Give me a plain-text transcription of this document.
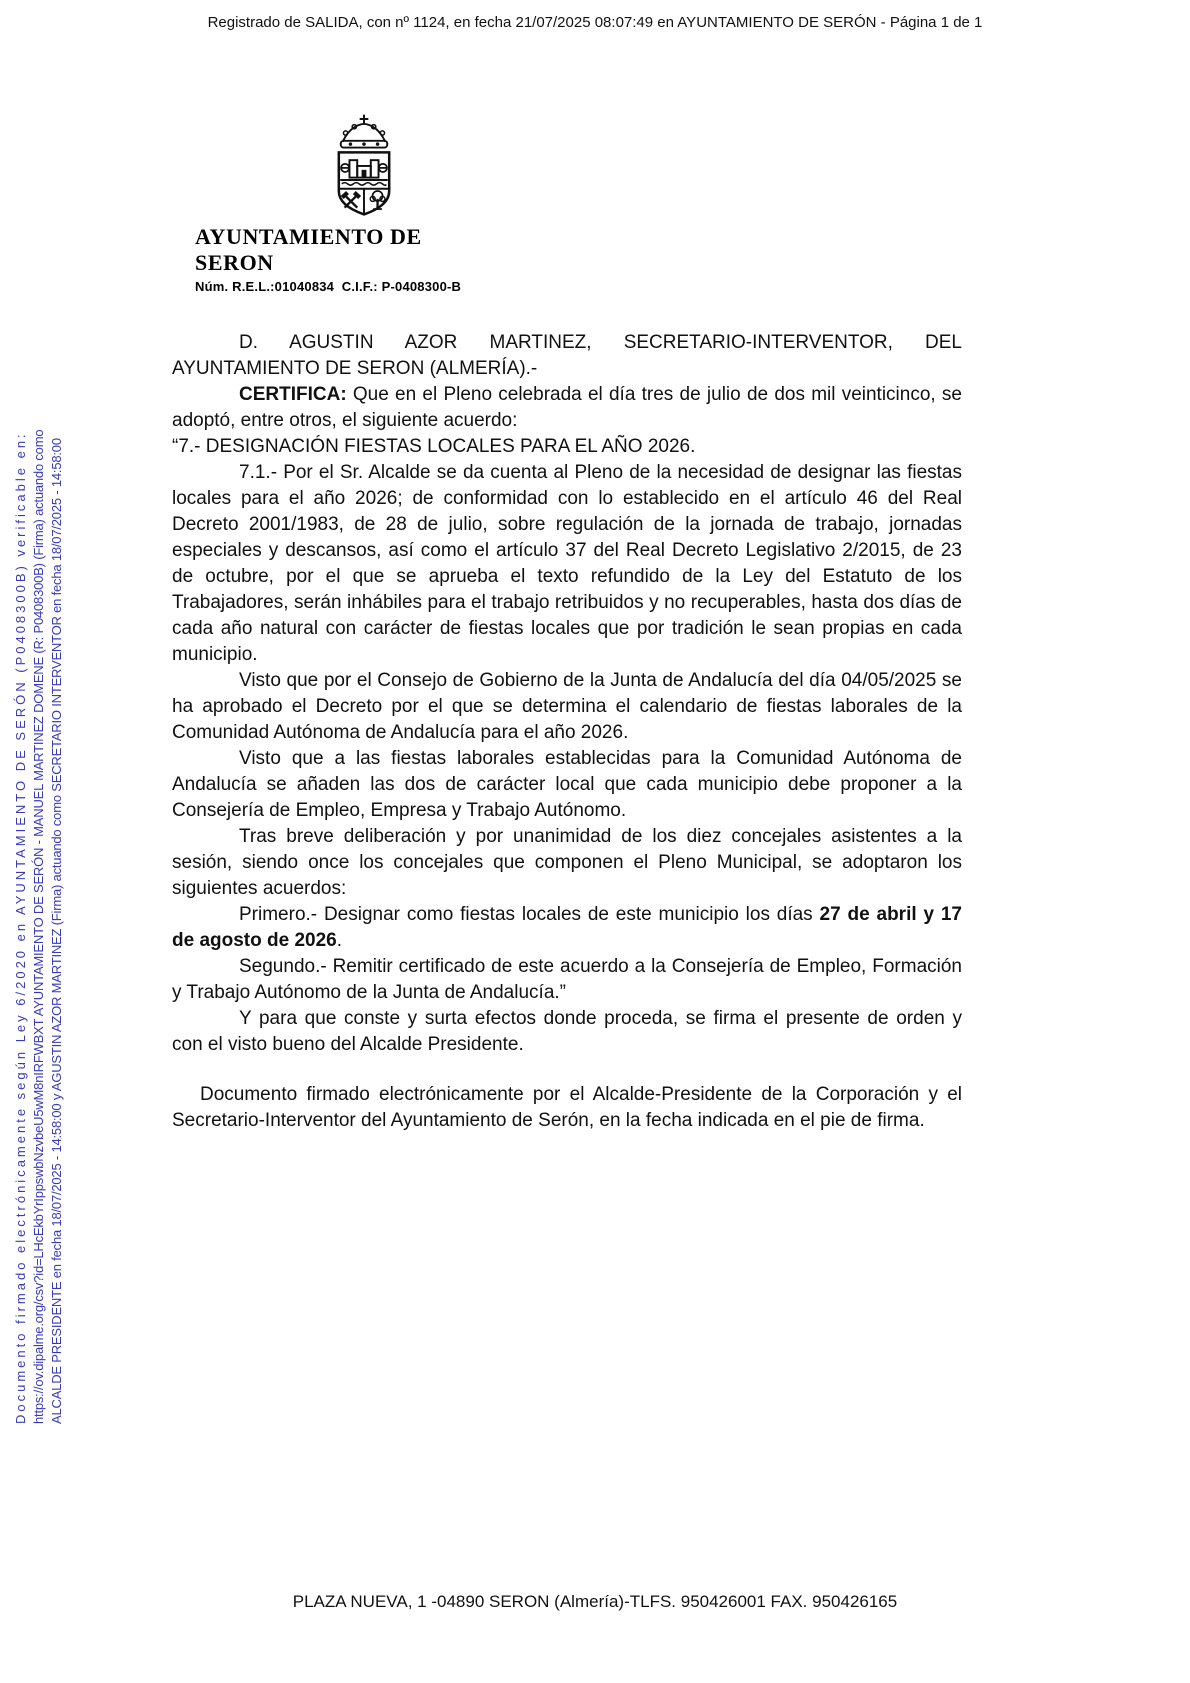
Registrado de SALIDA, con nº 1124, en fecha 21/07/2025 08:07:49 en AYUNTAMIENTO DE SERÓN - Página 1 de 1
Documento firmado electrónicamente según Ley 6/2020 en AYUNTAMIENTO DE SERÓN (P0408300B) verificable en: https://ov.dipalme.org/csv?id=LHcEkbYrIppswbNzvbeU5wM8nIRFWBXT AYUNTAMIENTO DE SERÓN - MANUEL MARTINEZ DOMENE (R: P0408300B) (Firma) actuando como ALCALDE PRESIDENTE en fecha 18/07/2025 - 14:58:00 y AGUSTIN AZOR MARTINEZ (Firma) actuando como SECRETARIO INTERVENTOR en fecha 18/07/2025 - 14:58:00
AYUNTAMIENTO DE SERON
Núm. R.E.L.:01040834  C.I.F.: P-0408300-B

D. AGUSTIN AZOR MARTINEZ, SECRETARIO-INTERVENTOR, DEL AYUNTAMIENTO DE SERON (ALMERÍA).-

CERTIFICA: Que en el Pleno celebrada el día tres de julio de dos mil veinticinco, se adoptó, entre otros, el siguiente acuerdo:

“7.- DESIGNACIÓN FIESTAS LOCALES PARA EL AÑO 2026.

7.1.- Por el Sr. Alcalde se da cuenta al Pleno de la necesidad de designar las fiestas locales para el año 2026; de conformidad con lo establecido en el artículo 46 del Real Decreto 2001/1983, de 28 de julio, sobre regulación de la jornada de trabajo, jornadas especiales y descansos, así como el artículo 37 del Real Decreto Legislativo 2/2015, de 23 de octubre, por el que se aprueba el texto refundido de la Ley del Estatuto de los Trabajadores, serán inhábiles para el trabajo retribuidos y no recuperables, hasta dos días de cada año natural con carácter de fiestas locales que por tradición le sean propias en cada municipio.

Visto que por el Consejo de Gobierno de la Junta de Andalucía del día 04/05/2025 se ha aprobado el Decreto por el que se determina el calendario de fiestas laborales de la Comunidad Autónoma de Andalucía para el año 2026.

Visto que a las fiestas laborales establecidas para la Comunidad Autónoma de Andalucía se añaden las dos de carácter local que cada municipio debe proponer a la Consejería de Empleo, Empresa y Trabajo Autónomo.

Tras breve deliberación y por unanimidad de los diez concejales asistentes a la sesión, siendo once los concejales que componen el Pleno Municipal, se adoptaron los siguientes acuerdos:

Primero.- Designar como fiestas locales de este municipio los días 27 de abril y 17 de agosto de 2026.

Segundo.- Remitir certificado de este acuerdo a la Consejería de Empleo, Formación y Trabajo Autónomo de la Junta de Andalucía.”

Y para que conste y surta efectos donde proceda, se firma el presente de orden y con el visto bueno del Alcalde Presidente.

Documento firmado electrónicamente por el Alcalde-Presidente de la Corporación y el Secretario-Interventor del Ayuntamiento de Serón, en la fecha indicada en el pie de firma.

PLAZA NUEVA, 1 -04890 SERON (Almería)-TLFS. 950426001 FAX. 950426165
